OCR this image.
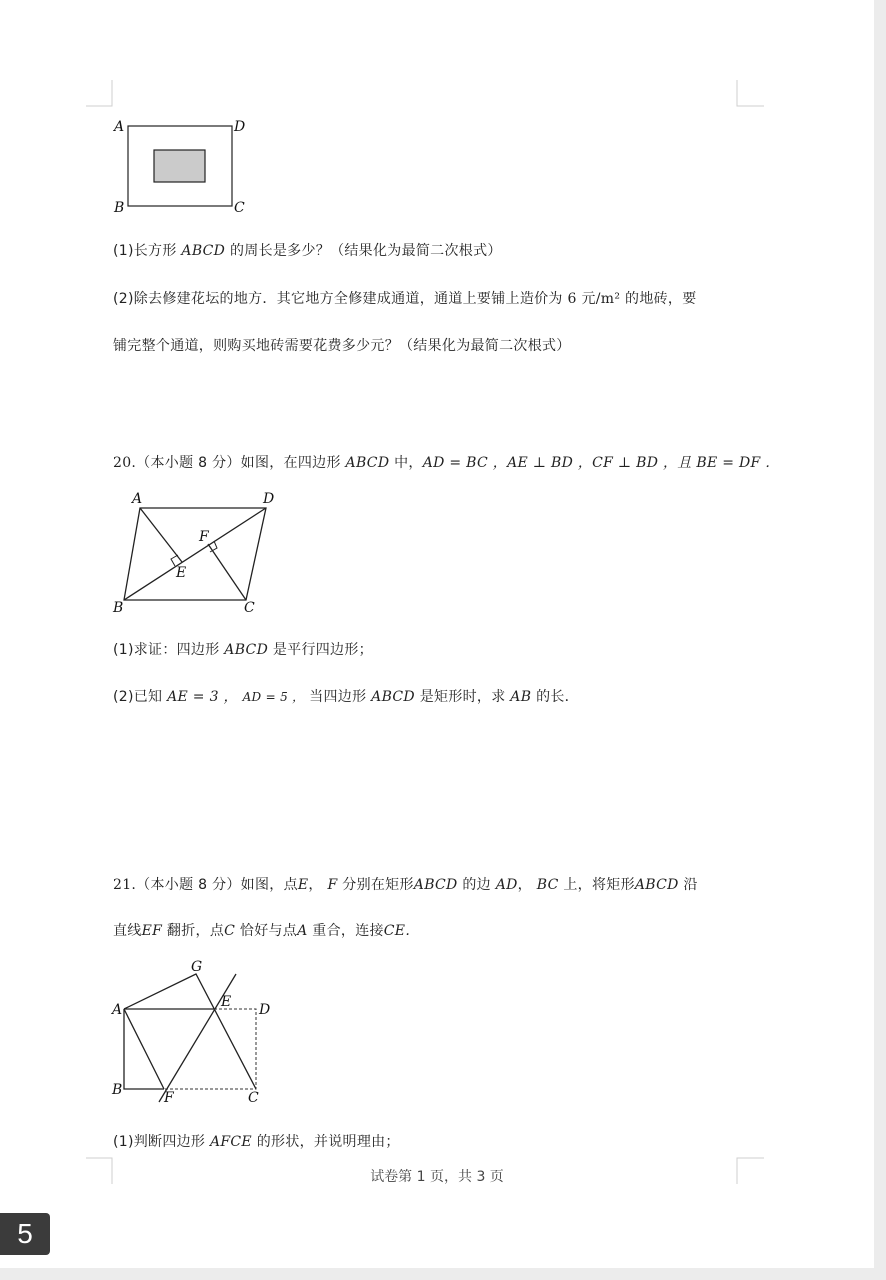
A	D
B	C
(1)长方形 ABCD 的周长是多少？（结果化为最简二次根式）
(2)除去修建花坛的地方．其它地方全修建成通道，通道上要铺上造价为 6 元/m² 的地砖，要
铺完整个通道，则购买地砖需要花费多少元？（结果化为最简二次根式）
20.（本小题 8 分）如图，在四边形 ABCD 中，AD = BC ，AE ⊥ BD ，CF ⊥ BD ，且 BE = DF ．
A	D
B	C
E
F
(1)求证：四边形 ABCD 是平行四边形；
(2)已知 AE = 3 ， AD = 5 ， 当四边形 ABCD 是矩形时，求 AB 的长．
21.（本小题 8 分）如图，点E， F 分别在矩形ABCD 的边 AD， BC 上，将矩形ABCD 沿
直线EF 翻折，点C 恰好与点A 重合，连接CE.
G
A	E D
B	F	C
(1)判断四边形 AFCE 的形状，并说明理由；
试卷第 1 页，共 3 页
5
